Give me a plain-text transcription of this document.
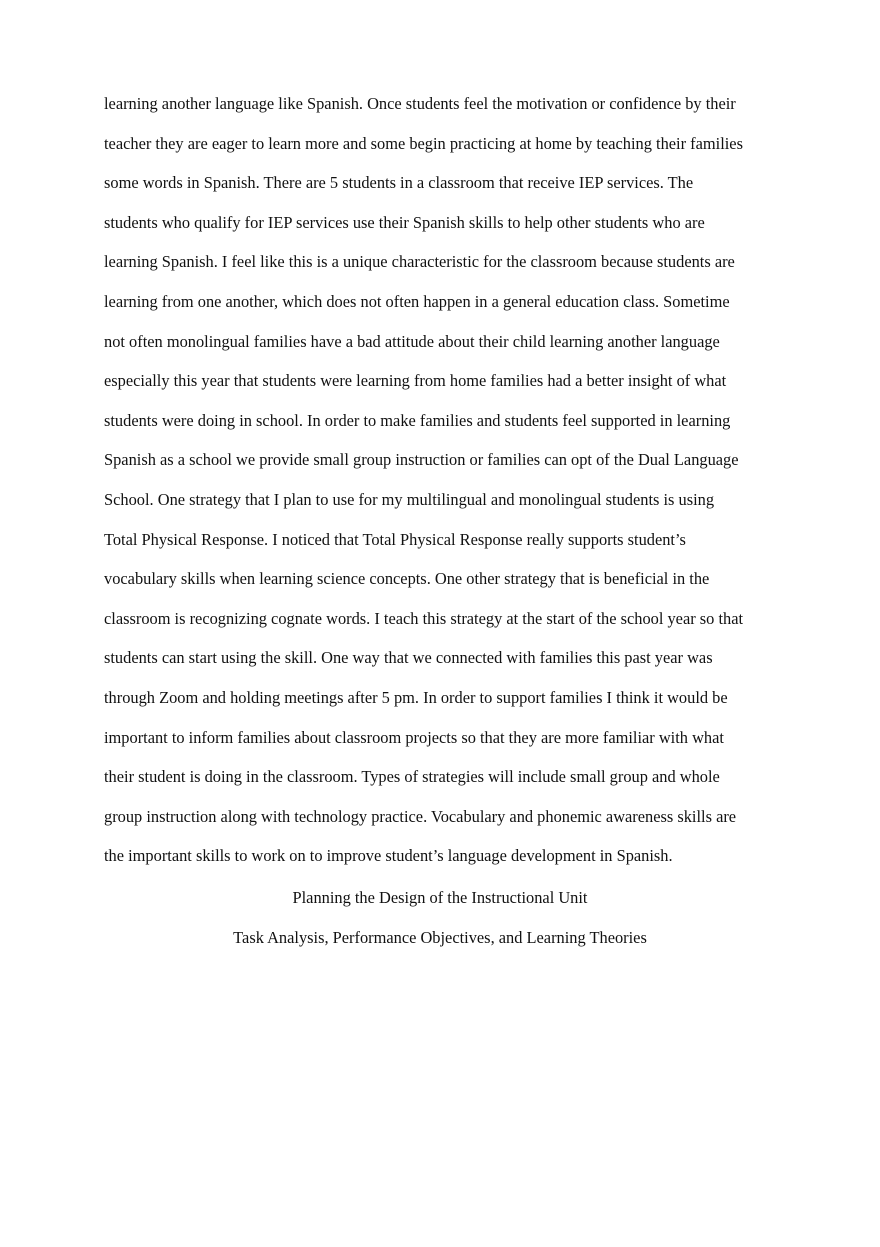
learning another language like Spanish. Once students feel the motivation or confidence by their
teacher they are eager to learn more and some begin practicing at home by teaching their families
some words in Spanish. There are 5 students in a classroom that receive IEP services. The
students who qualify for IEP services use their Spanish skills to help other students who are
learning Spanish. I feel like this is a unique characteristic for the classroom because students are
learning from one another, which does not often happen in a general education class. Sometime
not often monolingual families have a bad attitude about their child learning another language
especially this year that students were learning from home families had a better insight of what
students were doing in school. In order to make families and students feel supported in learning
Spanish as a school we provide small group instruction or families can opt of the Dual Language
School. One strategy that I plan to use for my multilingual and monolingual students is using
Total Physical Response. I noticed that Total Physical Response really supports student’s
vocabulary skills when learning science concepts. One other strategy that is beneficial in the
classroom is recognizing cognate words. I teach this strategy at the start of the school year so that
students can start using the skill. One way that we connected with families this past year was
through Zoom and holding meetings after 5 pm. In order to support families I think it would be
important to inform families about classroom projects so that they are more familiar with what
their student is doing in the classroom. Types of strategies will include small group and whole
group instruction along with technology practice. Vocabulary and phonemic awareness skills are
the important skills to work on to improve student’s language development in Spanish.
Planning the Design of the Instructional Unit
Task Analysis, Performance Objectives, and Learning Theories
